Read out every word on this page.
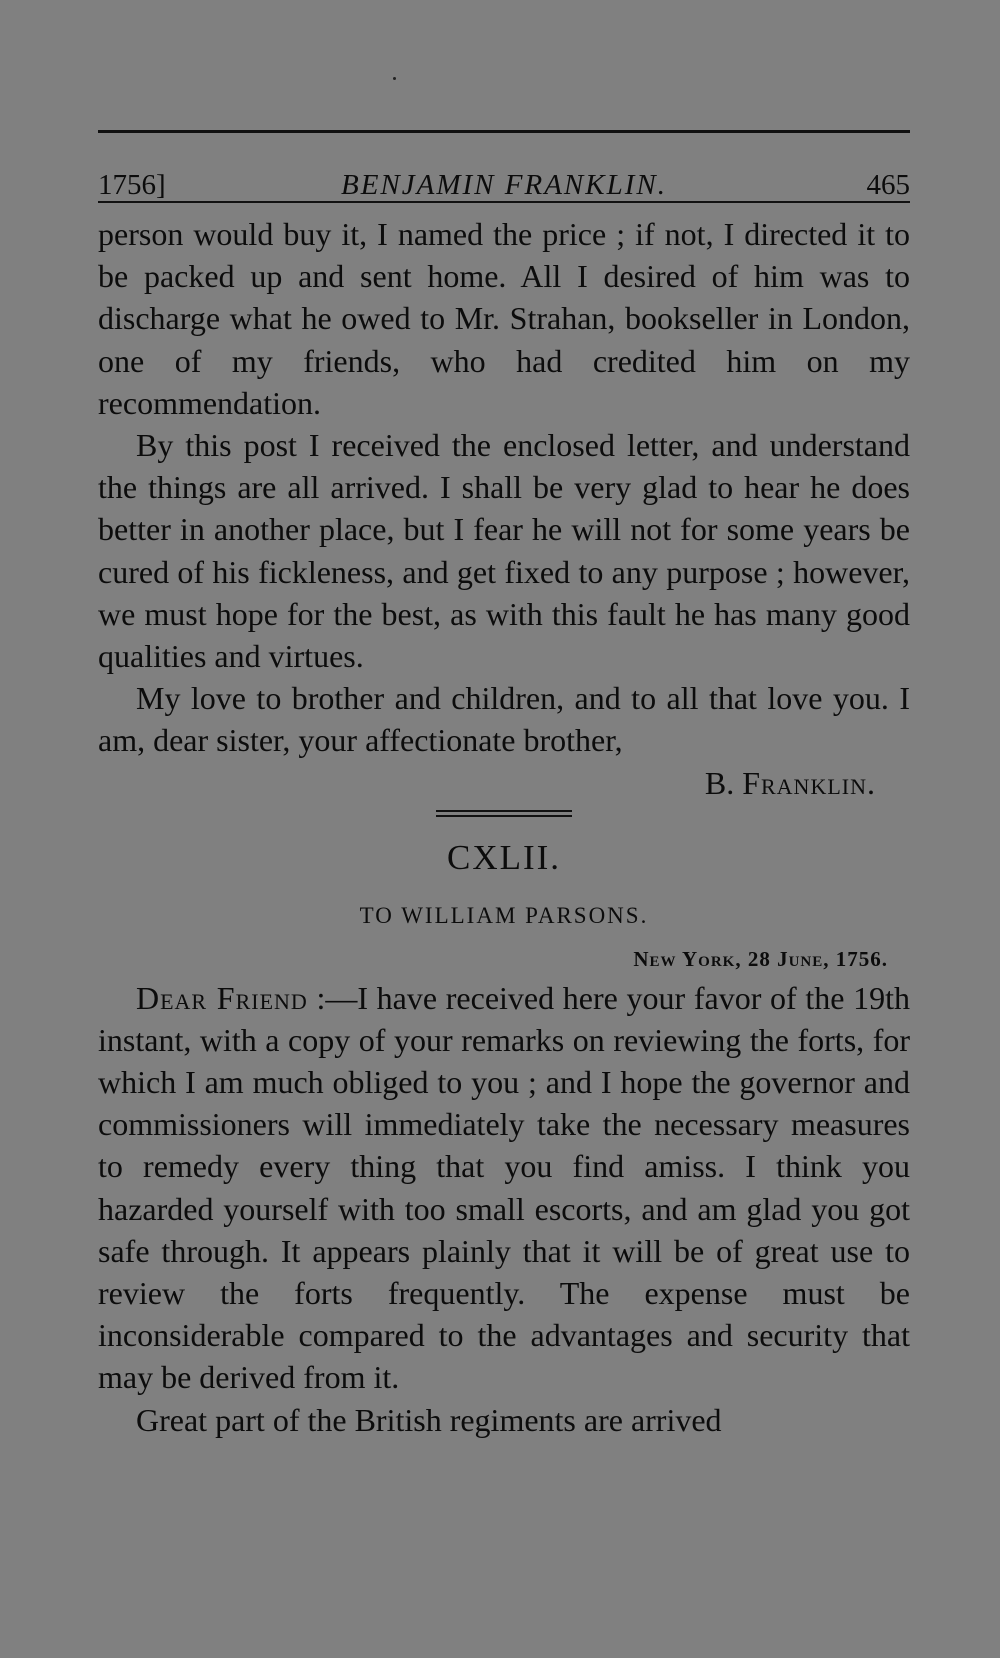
1756]	BENJAMIN FRANKLIN.	465

person would buy it, I named the price ; if not, I directed it to be packed up and sent home. All I desired of him was to discharge what he owed to Mr. Strahan, bookseller in London, one of my friends, who had credited him on my recommendation.

By this post I received the enclosed letter, and understand the things are all arrived. I shall be very glad to hear he does better in another place, but I fear he will not for some years be cured of his fickleness, and get fixed to any purpose ; however, we must hope for the best, as with this fault he has many good qualities and virtues.

My love to brother and children, and to all that love you. I am, dear sister, your affectionate brother,

B. Franklin.
CXLII.
TO WILLIAM PARSONS.
New York, 28 June, 1756.

Dear Friend :—I have received here your favor of the 19th instant, with a copy of your remarks on reviewing the forts, for which I am much obliged to you ; and I hope the governor and commissioners will immediately take the necessary measures to remedy every thing that you find amiss. I think you hazarded yourself with too small escorts, and am glad you got safe through. It appears plainly that it will be of great use to review the forts frequently. The expense must be inconsiderable compared to the advantages and security that may be derived from it.

Great part of the British regiments are arrived
